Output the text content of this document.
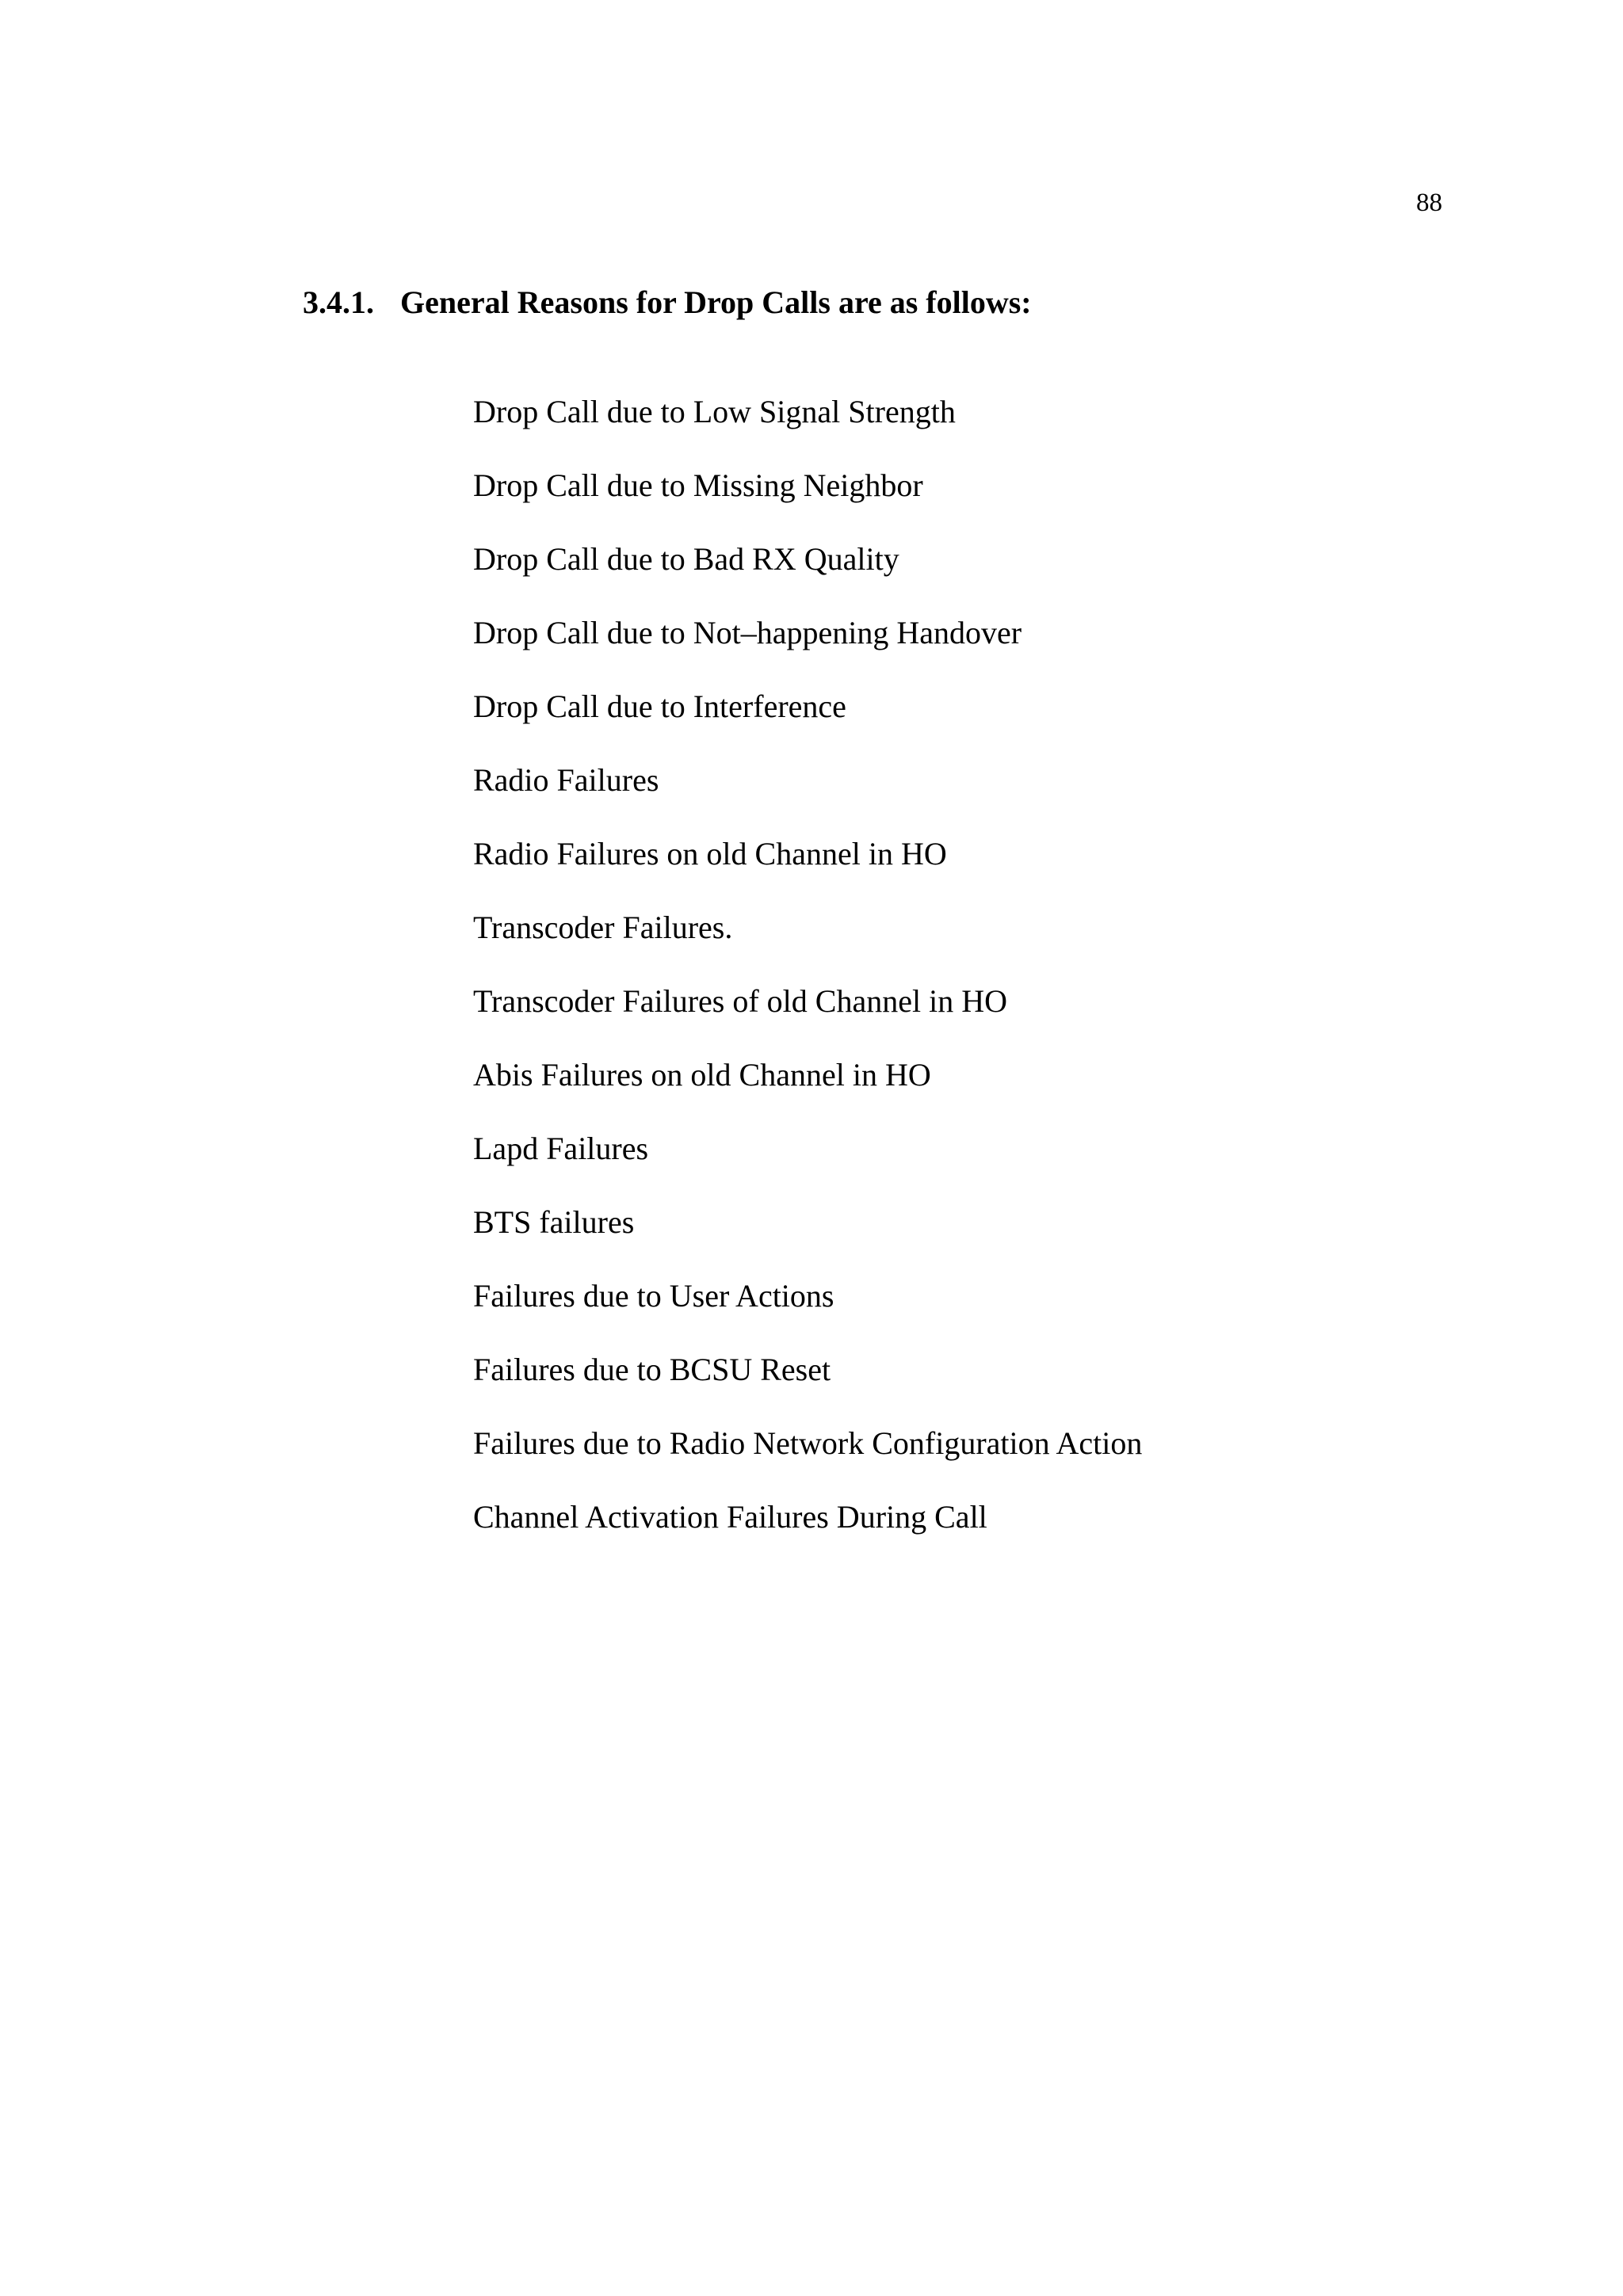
88
3.4.1. General Reasons for Drop Calls are as follows:
Drop Call due to Low Signal Strength
Drop Call due to Missing Neighbor
Drop Call due to Bad RX Quality
Drop Call due to Not–happening Handover
Drop Call due to Interference
Radio Failures
Radio Failures on old Channel in HO
Transcoder Failures.
Transcoder Failures of old Channel in HO
Abis Failures on old Channel in HO
Lapd Failures
BTS failures
Failures due to User Actions
Failures due to BCSU Reset
Failures due to Radio Network Configuration Action
Channel Activation Failures During Call
